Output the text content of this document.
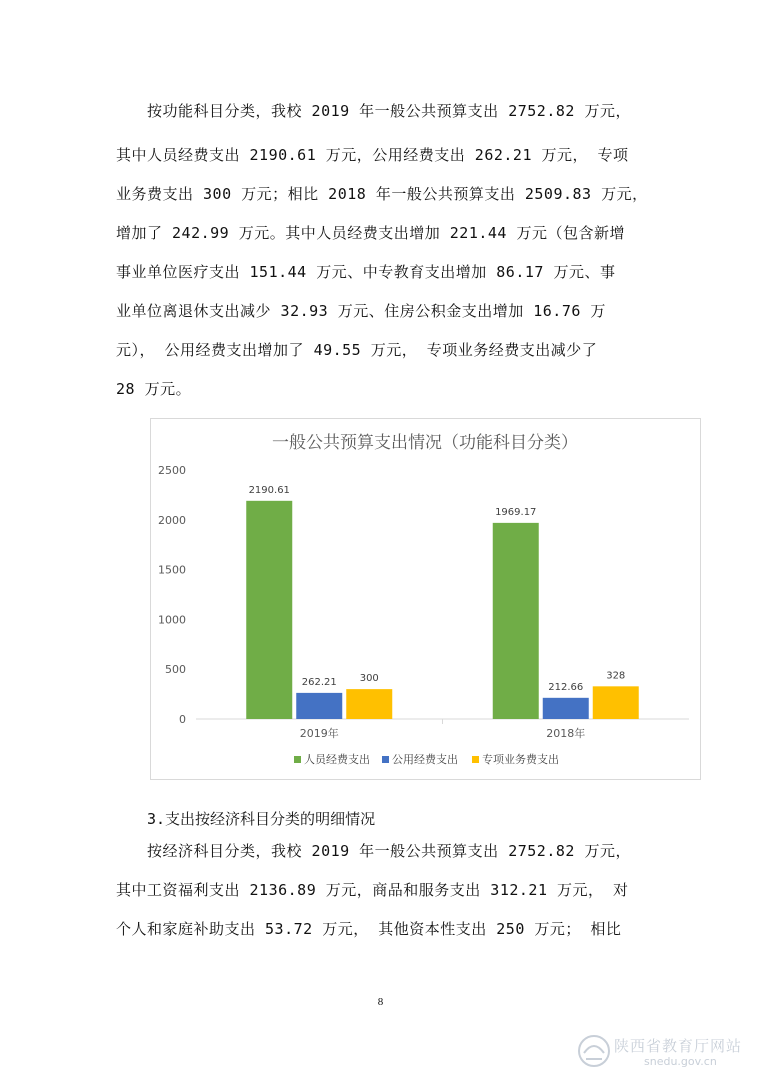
按功能科目分类，我校 2019 年一般公共预算支出 2752.82 万元，
其中人员经费支出 2190.61 万元，公用经费支出 262.21 万元， 专项
业务费支出 300 万元；相比 2018 年一般公共预算支出 2509.83 万元，
增加了 242.99 万元。其中人员经费支出增加 221.44 万元（包含新增
事业单位医疗支出 151.44 万元、中专教育支出增加 86.17 万元、事
业单位离退休支出减少 32.93 万元、住房公积金支出增加 16.76 万
元）， 公用经费支出增加了 49.55 万元， 专项业务经费支出减少了
28 万元。
一般公共预算支出情况（功能科目分类）
0
500
1000
1500
2000
2500
2190.61
262.21 300
2019年
1969.17
212.66
328
2018年
人员经费支出 公用经费支出 专项业务费支出
3.支出按经济科目分类的明细情况
按经济科目分类，我校 2019 年一般公共预算支出 2752.82 万元，
其中工资福利支出 2136.89 万元，商品和服务支出 312.21 万元， 对
个人和家庭补助支出 53.72 万元， 其他资本性支出 250 万元； 相比
8
陕西省教育厅网站
snedu.gov.cn
